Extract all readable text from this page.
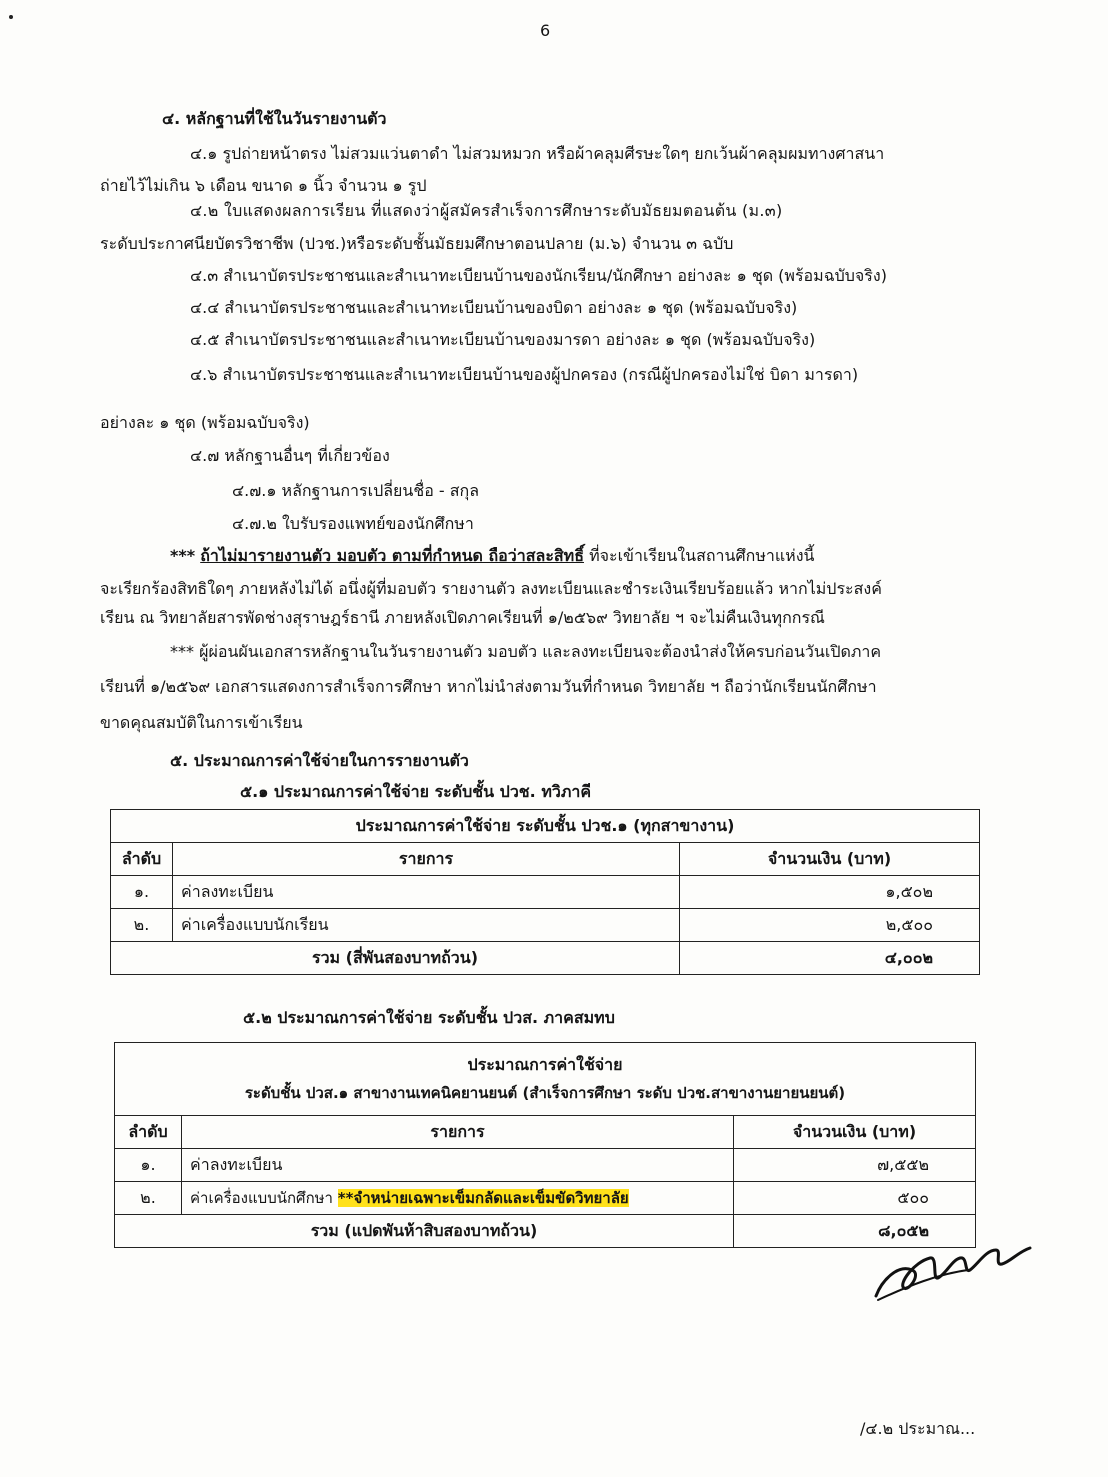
6
๔. หลักฐานที่ใช้ในวันรายงานตัว
๔.๑ รูปถ่ายหน้าตรง ไม่สวมแว่นตาดำ ไม่สวมหมวก หรือผ้าคลุมศีรษะใดๆ ยกเว้นผ้าคลุมผมทางศาสนา
ถ่ายไว้ไม่เกิน ๖ เดือน ขนาด ๑ นิ้ว จำนวน ๑ รูป
๔.๒ ใบแสดงผลการเรียน ที่แสดงว่าผู้สมัครสำเร็จการศึกษาระดับมัธยมตอนต้น (ม.๓)
ระดับประกาศนียบัตรวิชาชีพ (ปวช.)หรือระดับชั้นมัธยมศึกษาตอนปลาย (ม.๖) จำนวน ๓ ฉบับ
๔.๓ สำเนาบัตรประชาชนและสำเนาทะเบียนบ้านของนักเรียน/นักศึกษา อย่างละ ๑ ชุด (พร้อมฉบับจริง)
๔.๔ สำเนาบัตรประชาชนและสำเนาทะเบียนบ้านของบิดา อย่างละ ๑ ชุด (พร้อมฉบับจริง)
๔.๕ สำเนาบัตรประชาชนและสำเนาทะเบียนบ้านของมารดา อย่างละ ๑ ชุด (พร้อมฉบับจริง)
๔.๖ สำเนาบัตรประชาชนและสำเนาทะเบียนบ้านของผู้ปกครอง (กรณีผู้ปกครองไม่ใช่ บิดา มารดา)
อย่างละ ๑ ชุด (พร้อมฉบับจริง)
๔.๗ หลักฐานอื่นๆ ที่เกี่ยวข้อง
๔.๗.๑ หลักฐานการเปลี่ยนชื่อ - สกุล
๔.๗.๒ ใบรับรองแพทย์ของนักศึกษา
*** ถ้าไม่มารายงานตัว มอบตัว ตามที่กำหนด ถือว่าสละสิทธิ์ ที่จะเข้าเรียนในสถานศึกษาแห่งนี้
จะเรียกร้องสิทธิใดๆ ภายหลังไม่ได้ อนึ่งผู้ที่มอบตัว รายงานตัว ลงทะเบียนและชำระเงินเรียบร้อยแล้ว หากไม่ประสงค์
เรียน ณ วิทยาลัยสารพัดช่างสุราษฎร์ธานี ภายหลังเปิดภาคเรียนที่ ๑/๒๕๖๙ วิทยาลัย ฯ จะไม่คืนเงินทุกกรณี
*** ผู้ผ่อนผันเอกสารหลักฐานในวันรายงานตัว มอบตัว และลงทะเบียนจะต้องนำส่งให้ครบก่อนวันเปิดภาค
เรียนที่ ๑/๒๕๖๙ เอกสารแสดงการสำเร็จการศึกษา หากไม่นำส่งตามวันที่กำหนด วิทยาลัย ฯ ถือว่านักเรียนนักศึกษา
ขาดคุณสมบัติในการเข้าเรียน
๕. ประมาณการค่าใช้จ่ายในการรายงานตัว
๕.๑ ประมาณการค่าใช้จ่าย ระดับชั้น ปวช. ทวิภาคี
ประมาณการค่าใช้จ่าย ระดับชั้น ปวช.๑ (ทุกสาขางาน)		
ลำดับ	รายการ	จำนวนเงิน (บาท)
๑.	ค่าลงทะเบียน	๑,๕๐๒
๒.	ค่าเครื่องแบบนักเรียน	๒,๕๐๐
รวม (สี่พันสองบาทถ้วน)		๔,๐๐๒
๕.๒ ประมาณการค่าใช้จ่าย ระดับชั้น ปวส. ภาคสมทบ
ประมาณการค่าใช้จ่าย
ระดับชั้น ปวส.๑ สาขางานเทคนิคยานยนต์ (สำเร็จการศึกษา ระดับ ปวช.สาขางานยายนยนต์)		

ลำดับ	รายการ	จำนวนเงิน (บาท)
๑.	ค่าลงทะเบียน	๗,๕๕๒
๒.	ค่าเครื่องแบบนักศึกษา **จำหน่ายเฉพาะเข็มกลัดและเข็มขัดวิทยาลัย	๕๐๐
รวม (แปดพันห้าสิบสองบาทถ้วน)		๘,๐๕๒
/๔.๒ ประมาณ...
